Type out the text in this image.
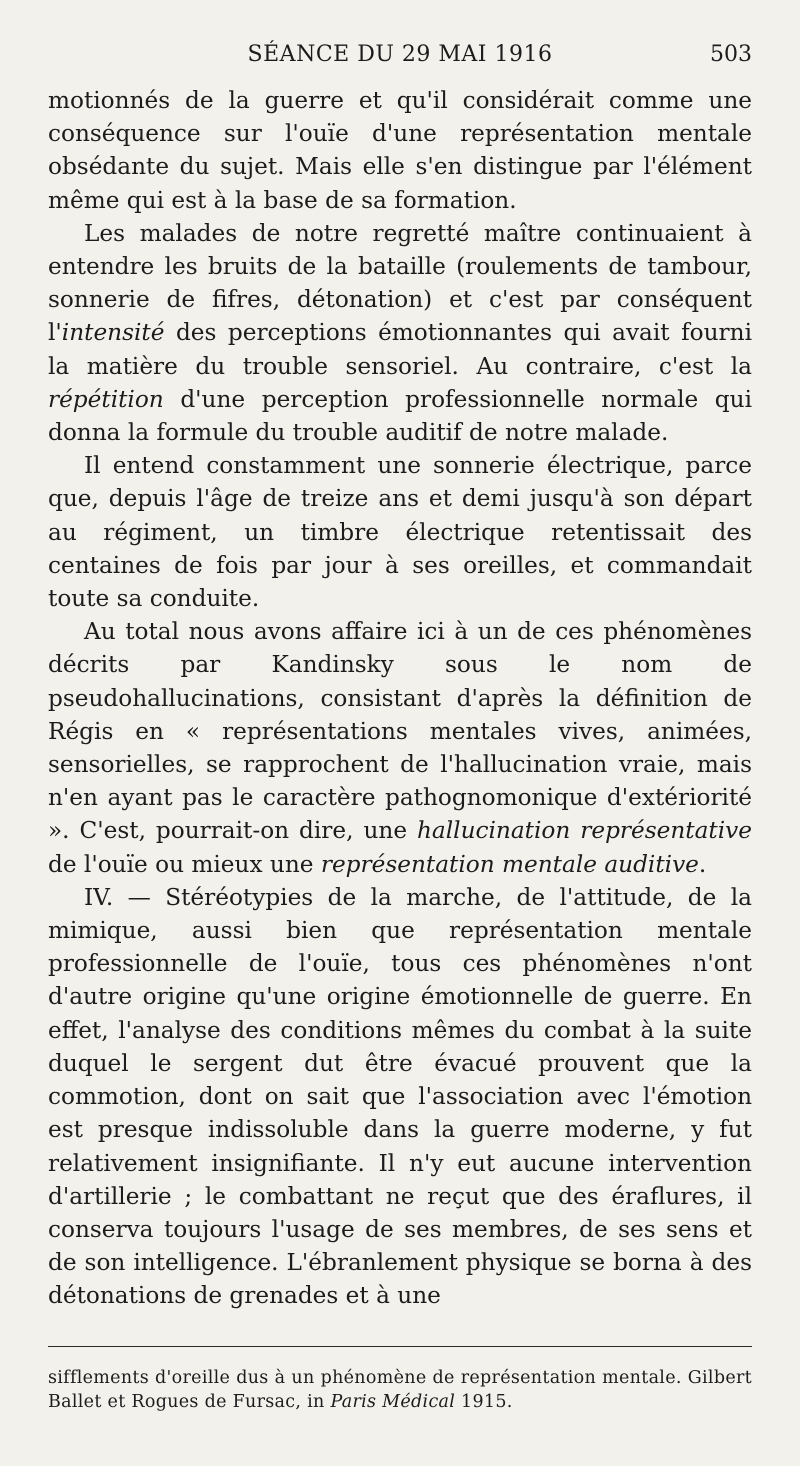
SÉANCE DU 29 MAI 1916	503

motionnés de la guerre et qu'il considérait comme une conséquence sur l'ouïe d'une représentation mentale obsédante du sujet. Mais elle s'en distingue par l'élément même qui est à la base de sa formation.

Les malades de notre regretté maître continuaient à entendre les bruits de la bataille (roulements de tambour, sonnerie de fifres, détonation) et c'est par conséquent l'intensité des perceptions émotionnantes qui avait fourni la matière du trouble sensoriel. Au contraire, c'est la répétition d'une perception professionnelle normale qui donna la formule du trouble auditif de notre malade.

Il entend constamment une sonnerie électrique, parce que, depuis l'âge de treize ans et demi jusqu'à son départ au régiment, un timbre électrique retentissait des centaines de fois par jour à ses oreilles, et commandait toute sa conduite.

Au total nous avons affaire ici à un de ces phénomènes décrits par Kandinsky sous le nom de pseudohallucinations, consistant d'après la définition de Régis en « représentations mentales vives, animées, sensorielles, se rapprochent de l'hallucination vraie, mais n'en ayant pas le caractère pathognomonique d'extériorité ». C'est, pourrait-on dire, une hallucination représentative de l'ouïe ou mieux une représentation mentale auditive.

IV. — Stéréotypies de la marche, de l'attitude, de la mimique, aussi bien que représentation mentale professionnelle de l'ouïe, tous ces phénomènes n'ont d'autre origine qu'une origine émotionnelle de guerre. En effet, l'analyse des conditions mêmes du combat à la suite duquel le sergent dut être évacué prouvent que la commotion, dont on sait que l'association avec l'émotion est presque indissoluble dans la guerre moderne, y fut relativement insignifiante. Il n'y eut aucune intervention d'artillerie ; le combattant ne reçut que des éraflures, il conserva toujours l'usage de ses membres, de ses sens et de son intelligence. L'ébranlement physique se borna à des détonations de grenades et à une

sifflements d'oreille dus à un phénomène de représentation mentale. Gilbert Ballet et Rogues de Fursac, in Paris Médical 1915.
